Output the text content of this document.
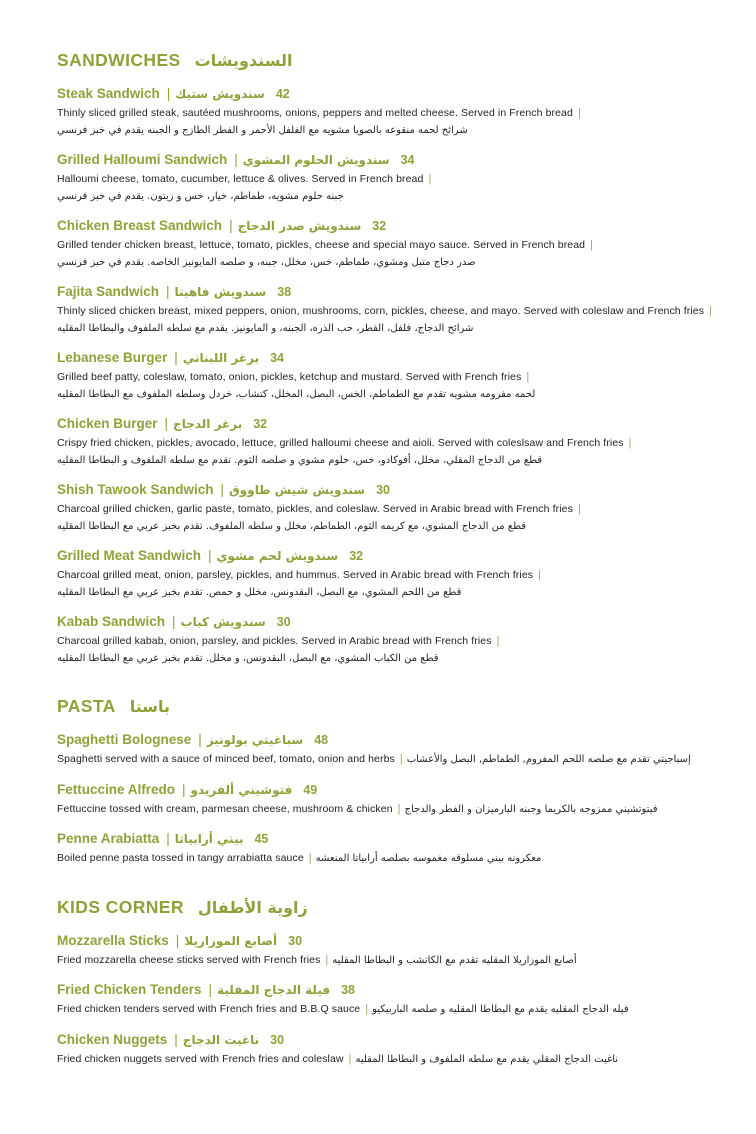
SANDWICHES السندويشات
Steak Sandwich | سندويش ستيك 42
Thinly sliced grilled steak, sautéed mushrooms, onions, peppers and melted cheese. Served in French bread |
شرائح لحمه منقوعه بالصويا مشويه مع الفلفل الأحمر و الفطر الطازج و الجبنه يقدم في خبز فرنسي
Grilled Halloumi Sandwich | سندويش الحلوم المشوي 34
Halloumi cheese, tomato, cucumber, lettuce & olives. Served in French bread |
جبنه حلوم مشويه، طماطم، خيار، خس و زيتون. يقدم في خبز فرنسي
Chicken Breast Sandwich | سندويش صدر الدجاج 32
Grilled tender chicken breast, lettuce, tomato, pickles, cheese and special mayo sauce. Served in French bread |
صدر دجاج متبل ومشوي، طماطم، خس، مخلل، جبنه، و صلصه المايونيز الخاصه. يقدم في خبز فرنسي
Fajita Sandwich | سندويش فاهيتا 38
Thinly sliced chicken breast, mixed peppers, onion, mushrooms, corn, pickles, cheese, and mayo. Served with coleslaw and French fries |
شرائح الدجاج، فلفل، الفطر، حب الذره، الجبنه، و المايونيز. يقدم مع سلطه الملفوف والبطاطا المقليه
Lebanese Burger | برغر اللبناني 34
Grilled beef patty, coleslaw, tomato, onion, pickles, ketchup and mustard. Served with French fries |
لحمه مفرومه مشويه تقدم مع الطماطم، الخس، البصل، المخلل، كتشاب، خردل وسلطه الملفوف مع البطاطا المقليه
Chicken Burger | برغر الدجاج 32
Crispy fried chicken, pickles, avocado, lettuce, grilled halloumi cheese and aioli. Served with coleslsaw and French fries |
قطع من الدجاج المقلي، مخلل، أفوكادو، خس، حلوم مشوي و صلصه الثوم. تقدم مع سلطه الملفوف و البطاطا المقليه
Shish Tawook Sandwich | سندويش شيش طاووق 30
Charcoal grilled chicken, garlic paste, tomato, pickles, and coleslaw. Served in Arabic bread with French fries |
قطع من الدجاج المشوي، مع كريمه الثوم، الطماطم، مخلل و سلطه الملفوف. تقدم بخبز عربي مع البطاطا المقليه
Grilled Meat Sandwich | سندويش لحم مشوي 32
Charcoal grilled meat, onion, parsley, pickles, and hummus. Served in Arabic bread with French fries |
قطع من اللحم المشوي، مع البصل، البقدونس، مخلل و حمص. تقدم بخبز عربي مع البطاطا المقليه
Kabab Sandwich | سندويش كباب 30
Charcoal grilled kabab, onion, parsley, and pickles. Served in Arabic bread with French fries |
قطع من الكباب المشوي، مع البصل، البقدونس، و مخلل. تقدم بخبز عربي مع البطاطا المقليه
PASTA باستا
Spaghetti Bolognese | سباغيتي بولونيز 48
Spaghetti served with a sauce of minced beef, tomato, onion and herbs | إسباجيتي تقدم مع صلصه اللحم المفروم, الطماطم, البصل والأعشاب
Fettuccine Alfredo | فتوشيني ألفريدو 49
Fettuccine tossed with cream, parmesan cheese, mushroom & chicken | فيتوتشيني ممزوجه بالكريما وجبنه البارميزان و الفطر والدجاج
Penne Arabiatta | بيني أرابياتا 45
Boiled penne pasta tossed in tangy arrabiatta sauce | معكرونه بيني مسلوقه مغموسه بصلصه أرابياتا المنعشه
KIDS CORNER زاوية الأطفال
Mozzarella Sticks | أصابع الموزاريلا 30
Fried mozzarella cheese sticks served with French fries | أصابع الموزاريلا المقليه تقدم مع الكاتشب و البطاطا المقليه
Fried Chicken Tenders | فيلة الدجاج المقلية 38
Fried chicken tenders served with French fries and B.B.Q sauce | فيله الدجاج المقليه يقدم مع البطاطا المقليه و صلصه الباربيكيو
Chicken Nuggets | ناغيت الدجاج 30
Fried chicken nuggets served with French fries and coleslaw | ناغيت الدجاج المقلي يقدم مع سلطه الملفوف و البطاطا المقليه
